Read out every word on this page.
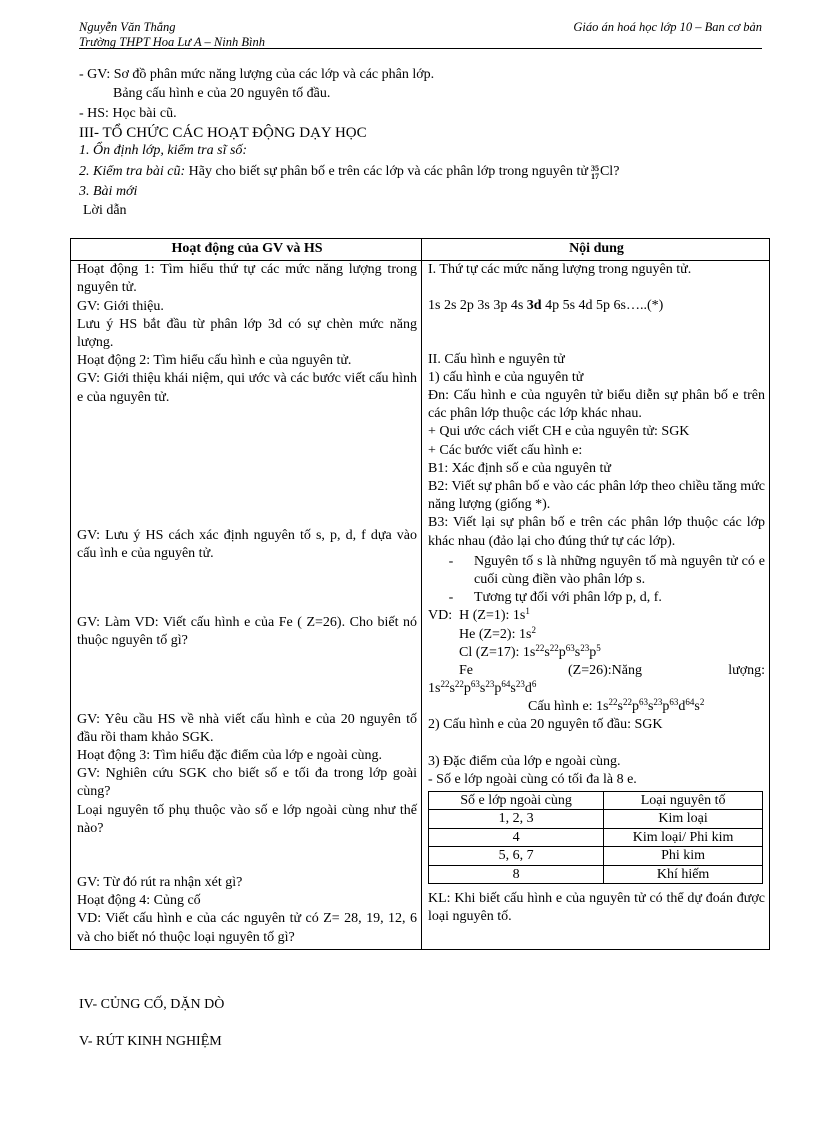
Nguyễn Văn Thắng
Trường THPT Hoa Lư A – Ninh Bình
Giáo án hoá học lớp 10 – Ban cơ bản
- GV: Sơ đồ phân mức năng lượng của các lớp và các phân lớp.
Bảng cấu hình e của 20 nguyên tố đầu.
- HS: Học bài cũ.
III- TỔ CHỨC CÁC HOẠT ĐỘNG DẠY HỌC
1. Ổn định lớp, kiểm tra sĩ số:
2. Kiểm tra bài cũ: Hãy cho biết sự phân bố e trên các lớp và các phân lớp trong nguyên tử 35
17Cl?
3. Bài mới
Lời dẫn
Hoạt động của GV và HS	Nội dung

Hoạt động 1: Tìm hiểu thứ tự các mức năng lượng trong nguyên tử.
GV: Giới thiệu.
Lưu ý HS bắt đầu từ phân lớp 3d có sự chèn mức năng lượng.
Hoạt động 2: Tìm hiểu cấu hình e của nguyên tử.
GV: Giới thiệu khái niệm, qui ước và các bước viết cấu hình e của nguyên tử.
GV: Lưu ý HS cách xác định nguyên tố s, p, d, f dựa vào cấu ình e của nguyên tử.
GV: Làm VD: Viết cấu hình e của Fe ( Z=26). Cho biết nó thuộc nguyên tố gì?
GV: Yêu cầu HS về nhà viết cấu hình e của 20 nguyên tố đầu rồi tham khảo SGK.
Hoạt động 3: Tìm hiểu đặc điểm của lớp e ngoài cùng.
GV: Nghiên cứu SGK cho biết số e tối đa trong lớp goài cùng?
Loại nguyên tố phụ thuộc vào số e lớp ngoài cùng như thế nào?
GV: Từ đó rút ra nhận xét gì?
Hoạt động 4: Củng cố
VD: Viết cấu hình e của các nguyên tử có Z= 28, 19, 12, 6 và cho biết nó thuộc loại nguyên tố gì?

I. Thứ tự các mức năng lượng trong nguyên tử.
1s 2s 2p 3s 3p 4s 3d 4p 5s 4d 5p 6s…..(*)
II. Cấu hình e nguyên tử
1) cấu hình e của nguyên tử
Đn: Cấu hình e của nguyên tử biểu diễn sự phân bố e trên các phân lớp thuộc các lớp khác nhau.
+ Qui ước cách viết CH e của nguyên tử: SGK
+ Các bước viết cấu hình e:
B1: Xác định số e của nguyên tử
B2: Viết sự phân bố e vào các phân lớp theo chiều tăng mức năng lượng (giống *).
B3: Viết lại sự phân bố e trên các phân lớp thuộc các lớp khác nhau (đảo lại cho đúng thứ tự các lớp).
-	Nguyên tố s là những nguyên tố mà nguyên tử có e cuối cùng điền vào phân lớp s.
-	Tương tự đối với phân lớp p, d, f.
VD: H (Z=1): $1s^1$
He (Z=2): $1s^2$
Cl (Z=17): $1s^{22}s^{22}p^{63}s^{23}p^5$
Fe	(Z=26):Năng	lượng:
$1s^{22}s^{22}p^{63}s^{23}p^{64}s^{23}d^6$
Cấu hình e: $1s^{22}s^{22}p^{63}s^{23}p^{63}d^{64}s^2$
2) Cấu hình e của 20 nguyên tố đầu: SGK
3) Đặc điểm của lớp e ngoài cùng.
- Số e lớp ngoài cùng có tối đa là 8 e.
Số e lớp ngoài cùng	Loại nguyên tố
1, 2, 3	Kim loại
4	Kim loại/ Phi kim
5, 6, 7	Phi kim
8	Khí hiếm
KL: Khi biết cấu hình e của nguyên tử có thể dự đoán được loại nguyên tố.
IV- CỦNG CỐ, DẶN DÒ
V- RÚT KINH NGHIỆM
